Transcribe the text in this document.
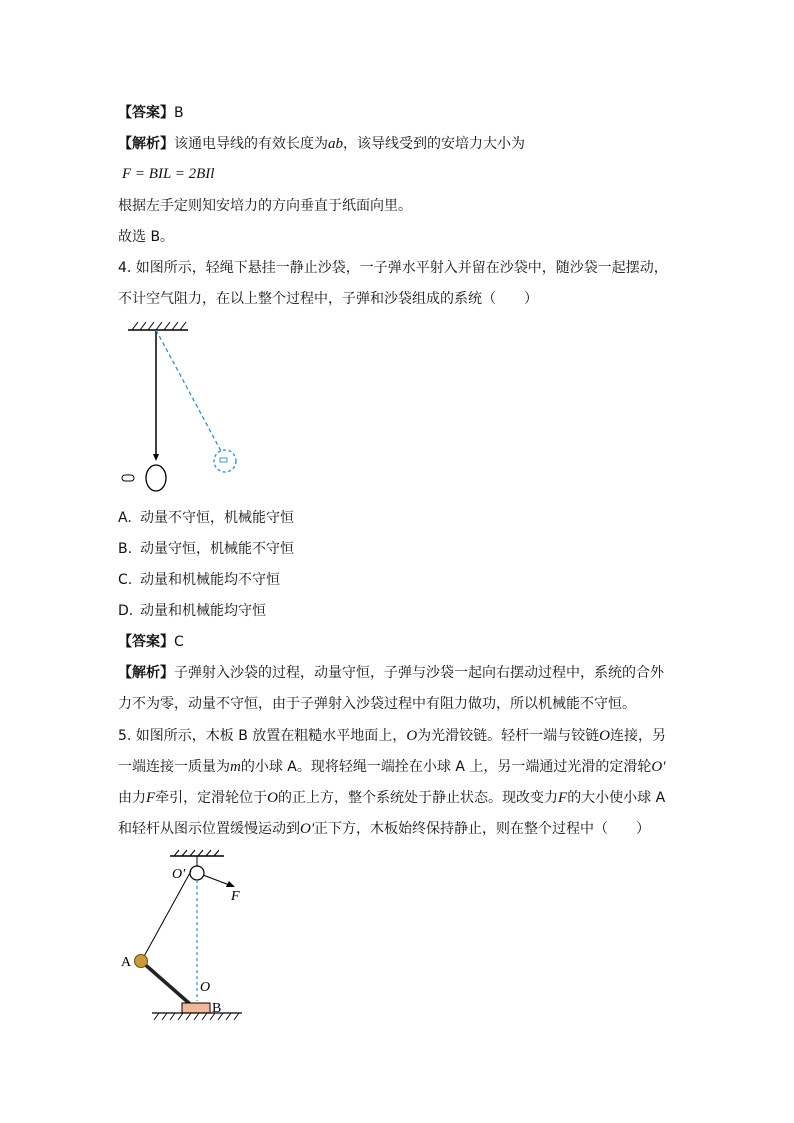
【答案】B
【解析】该通电导线的有效长度为ab，该导线受到的安培力大小为
F = BIL = 2BIl
根据左手定则知安培力的方向垂直于纸面向里。
故选 B。
4. 如图所示，轻绳下悬挂一静止沙袋，一子弹水平射入并留在沙袋中，随沙袋一起摆动，
不计空气阻力，在以上整个过程中，子弹和沙袋组成的系统（　　）
A. 动量不守恒，机械能守恒
B. 动量守恒，机械能不守恒
C. 动量和机械能均不守恒
D. 动量和机械能均守恒
【答案】C
【解析】子弹射入沙袋的过程，动量守恒，子弹与沙袋一起向右摆动过程中，系统的合外
力不为零，动量不守恒，由于子弹射入沙袋过程中有阻力做功，所以机械能不守恒。
5. 如图所示，木板 B 放置在粗糙水平地面上，O为光滑铰链。轻杆一端与铰链O连接，另
一端连接一质量为m的小球 A。现将轻绳一端拴在小球 A 上，另一端通过光滑的定滑轮O'
由力F牵引，定滑轮位于O的正上方，整个系统处于静止状态。现改变力F的大小使小球 A
和轻杆从图示位置缓慢运动到O'正下方，木板始终保持静止，则在整个过程中（　　）
O'
F
A
O
B
